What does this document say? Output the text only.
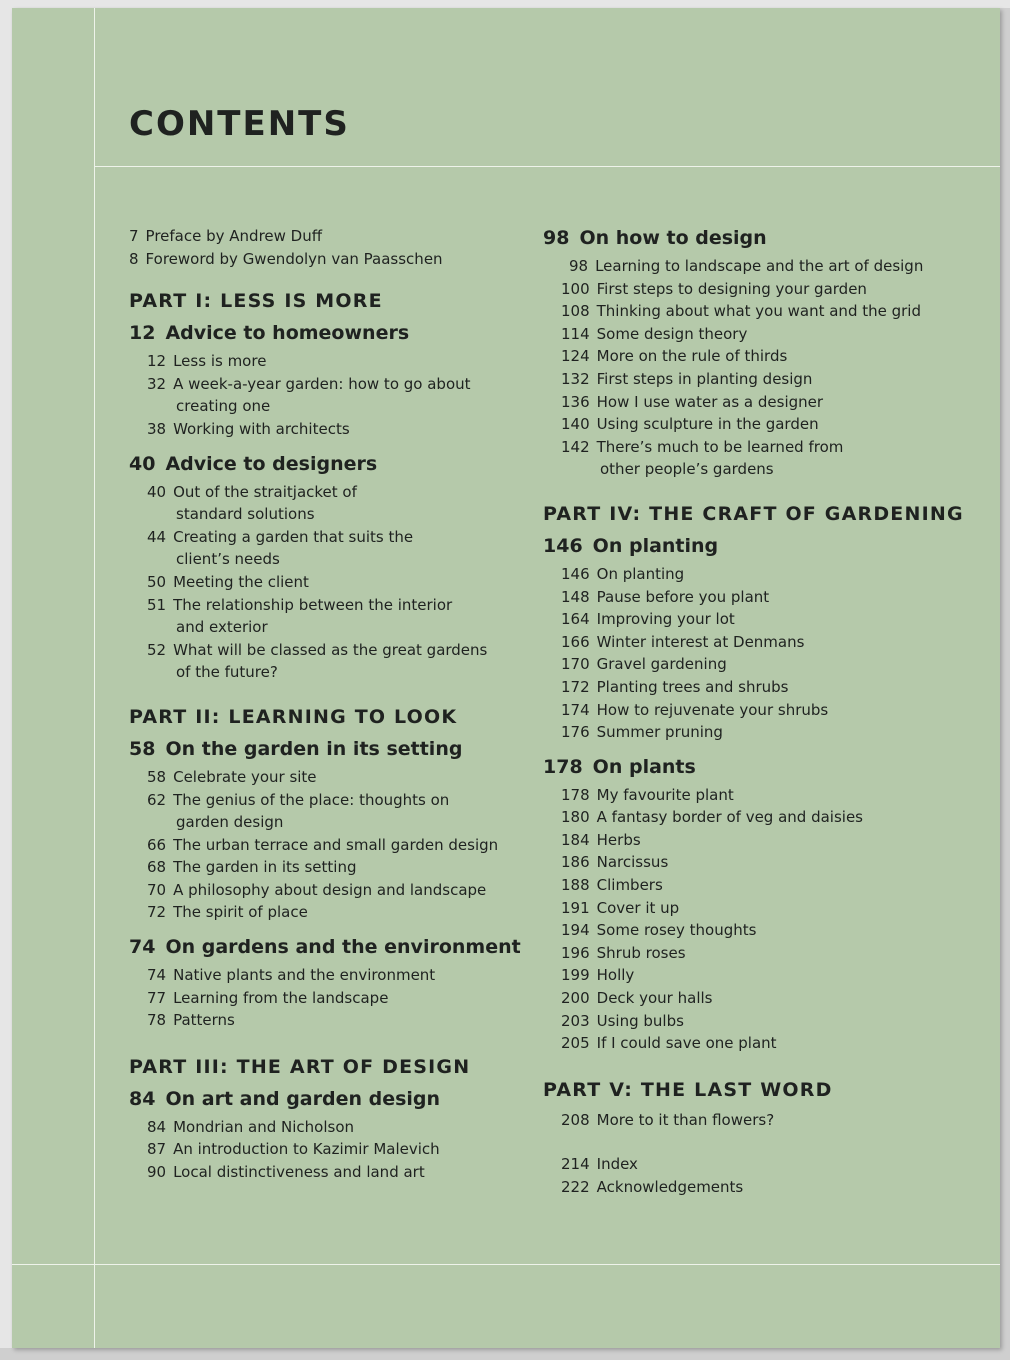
CONTENTS
7 Preface by Andrew Duff
8 Foreword by Gwendolyn van Paasschen
PART I: LESS IS MORE
12 Advice to homeowners
12 Less is more
32 A week-a-year garden: how to go about
creating one
38 Working with architects
40 Advice to designers
40 Out of the straitjacket of
standard solutions
44 Creating a garden that suits the
client’s needs
50 Meeting the client
51 The relationship between the interior
and exterior
52 What will be classed as the great gardens
of the future?
PART II: LEARNING TO LOOK
58 On the garden in its setting
58 Celebrate your site
62 The genius of the place: thoughts on
garden design
66 The urban terrace and small garden design
68 The garden in its setting
70 A philosophy about design and landscape
72 The spirit of place
74 On gardens and the environment
74 Native plants and the environment
77 Learning from the landscape
78 Patterns
PART III: THE ART OF DESIGN
84 On art and garden design
84 Mondrian and Nicholson
87 An introduction to Kazimir Malevich
90 Local distinctiveness and land art
98 On how to design
98 Learning to landscape and the art of design
100 First steps to designing your garden
108 Thinking about what you want and the grid
114 Some design theory
124 More on the rule of thirds
132 First steps in planting design
136 How I use water as a designer
140 Using sculpture in the garden
142 There’s much to be learned from
other people’s gardens
PART IV: THE CRAFT OF GARDENING
146 On planting
146 On planting
148 Pause before you plant
164 Improving your lot
166 Winter interest at Denmans
170 Gravel gardening
172 Planting trees and shrubs
174 How to rejuvenate your shrubs
176 Summer pruning
178 On plants
178 My favourite plant
180 A fantasy border of veg and daisies
184 Herbs
186 Narcissus
188 Climbers
191 Cover it up
194 Some rosey thoughts
196 Shrub roses
199 Holly
200 Deck your halls
203 Using bulbs
205 If I could save one plant
PART V: THE LAST WORD
208 More to it than flowers?
214 Index
222 Acknowledgements
